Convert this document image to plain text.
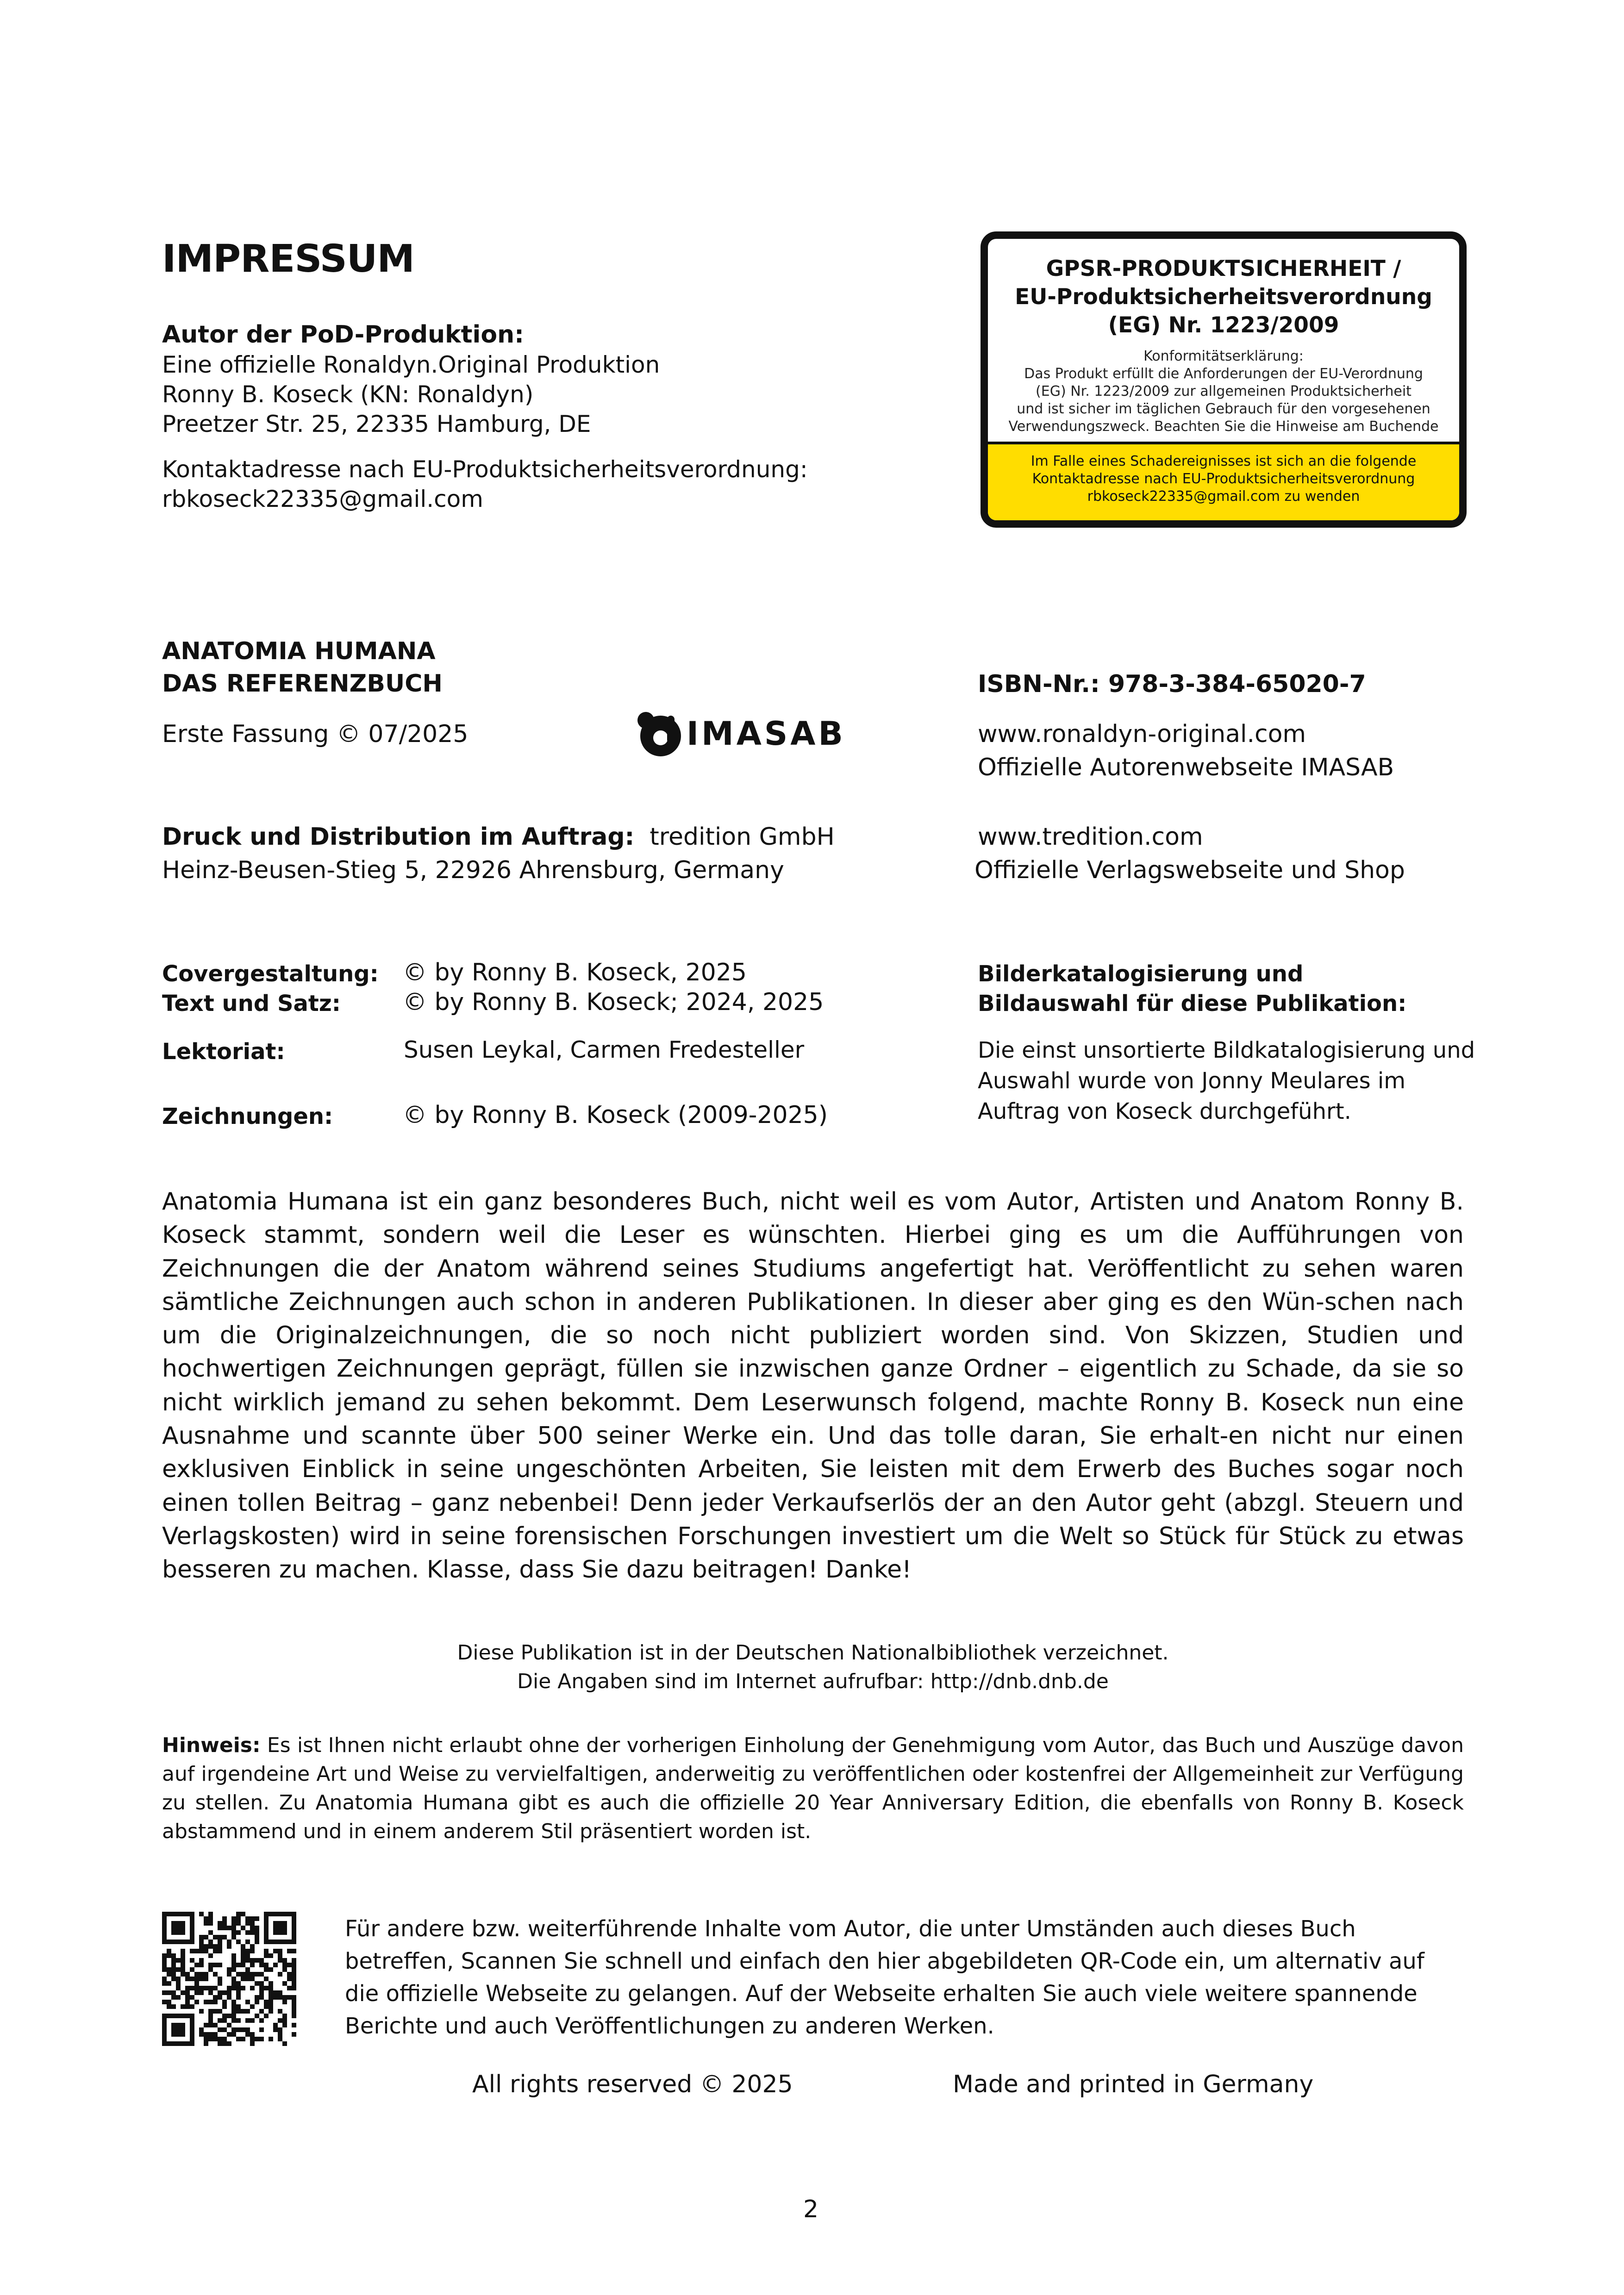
IMPRESSUM
Autor der PoD-Produktion:
Eine offizielle Ronaldyn.Original Produktion
Ronny B. Koseck (KN: Ronaldyn)
Preetzer Str. 25, 22335 Hamburg, DE
Kontaktadresse nach EU-Produktsicherheitsverordnung:
rbkoseck22335@gmail.com
GPSR-PRODUKTSICHERHEIT /
EU-Produktsicherheitsverordnung
(EG) Nr. 1223/2009
Konformitätserklärung:
Das Produkt erfüllt die Anforderungen der EU-Verordnung
(EG) Nr. 1223/2009 zur allgemeinen Produktsicherheit
und ist sicher im täglichen Gebrauch für den vorgesehenen
Verwendungszweck. Beachten Sie die Hinweise am Buchende
Im Falle eines Schadereignisses ist sich an die folgende
Kontaktadresse nach EU-Produktsicherheitsverordnung
rbkoseck22335@gmail.com zu wenden
ANATOMIA HUMANA
DAS REFERENZBUCH
Erste Fassung © 07/2025	IMASAB
ISBN-Nr.: 978-3-384-65020-7
www.ronaldyn-original.com
Offizielle Autorenwebseite IMASAB
Druck und Distribution im Auftrag: tredition GmbH
Heinz-Beusen-Stieg 5, 22926 Ahrensburg, Germany
www.tredition.com
Offizielle Verlagswebseite und Shop
Covergestaltung: © by Ronny B. Koseck, 2025
Text und Satz:	© by Ronny B. Koseck; 2024, 2025
Lektoriat:	Susen Leykal, Carmen Fredesteller
Zeichnungen:	© by Ronny B. Koseck (2009-2025)
Bilderkatalogisierung und
Bildauswahl für diese Publikation:
Die einst unsortierte Bildkatalogisierung und Auswahl wurde von Jonny Meulares im Auftrag von Koseck durchgeführt.
Anatomia Humana ist ein ganz besonderes Buch, nicht weil es vom Autor, Artisten und Anatom Ronny B. Koseck stammt, sondern weil die Leser es wünschten. Hierbei ging es um die Aufführungen von Zeichnungen die der Anatom während seines Studiums angefertigt hat. Veröffentlicht zu sehen waren sämtliche Zeichnungen auch schon in anderen Publikationen. In dieser aber ging es den Wün-schen nach um die Originalzeichnungen, die so noch nicht publiziert worden sind. Von Skizzen, Studien und hochwertigen Zeichnungen geprägt, füllen sie inzwischen ganze Ordner – eigentlich zu Schade, da sie so nicht wirklich jemand zu sehen bekommt. Dem Leserwunsch folgend, machte Ronny B. Koseck nun eine Ausnahme und scannte über 500 seiner Werke ein. Und das tolle daran, Sie erhalt-en nicht nur einen exklusiven Einblick in seine ungeschönten Arbeiten, Sie leisten mit dem Erwerb des Buches sogar noch einen tollen Beitrag – ganz nebenbei! Denn jeder Verkaufserlös der an den Autor geht (abzgl. Steuern und Verlagskosten) wird in seine forensischen Forschungen investiert um die Welt so Stück für Stück zu etwas besseren zu machen. Klasse, dass Sie dazu beitragen! Danke!
Diese Publikation ist in der Deutschen Nationalbibliothek verzeichnet.
Die Angaben sind im Internet aufrufbar: http://dnb.dnb.de
Hinweis: Es ist Ihnen nicht erlaubt ohne der vorherigen Einholung der Genehmigung vom Autor, das Buch und Auszüge davon auf irgendeine Art und Weise zu vervielfaltigen, anderweitig zu veröffentlichen oder kostenfrei der Allgemeinheit zur Verfügung zu stellen. Zu Anatomia Humana gibt es auch die offizielle 20 Year Anniversary Edition, die ebenfalls von Ronny B. Koseck abstammend und in einem anderem Stil präsentiert worden ist.
Für andere bzw. weiterführende Inhalte vom Autor, die unter Umständen auch dieses Buch betreffen, Scannen Sie schnell und einfach den hier abgebildeten QR-Code ein, um alternativ auf die offizielle Webseite zu gelangen. Auf der Webseite erhalten Sie auch viele weitere spannende Berichte und auch Veröffentlichungen zu anderen Werken.
All rights reserved © 2025	Made and printed in Germany
2
